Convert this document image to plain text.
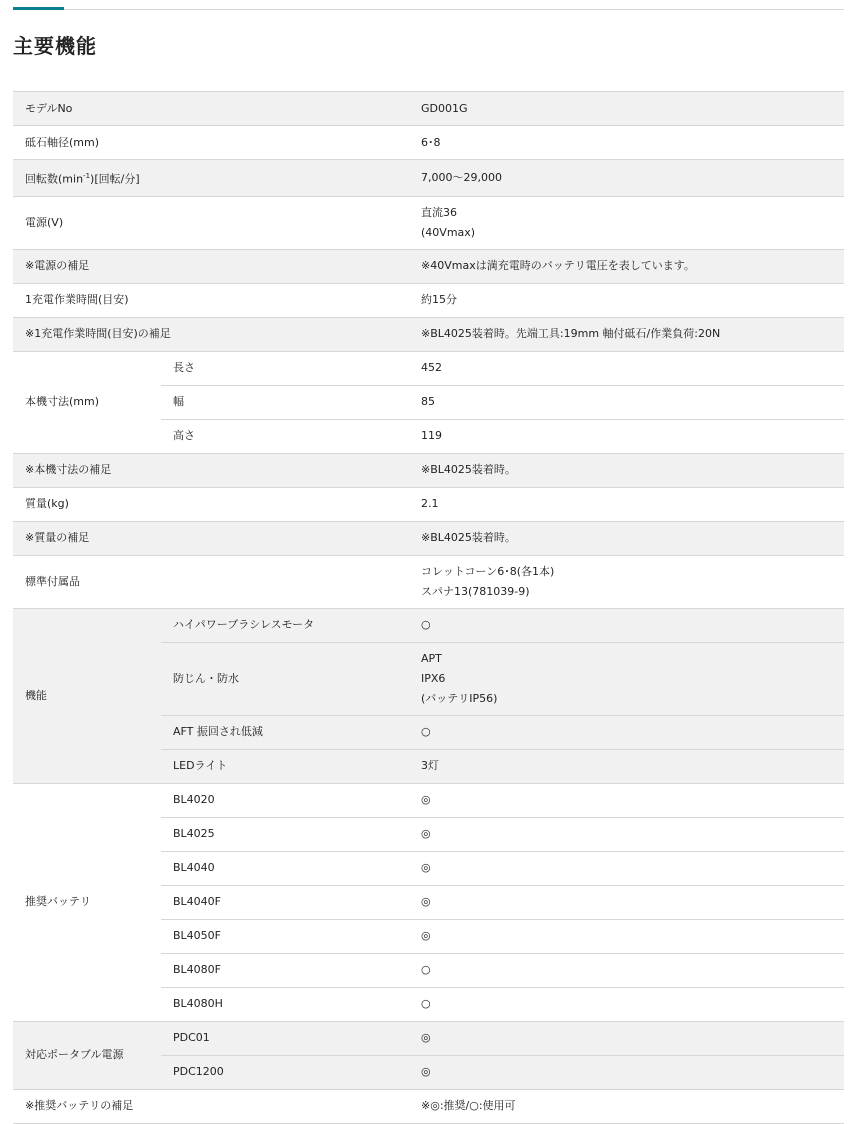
主要機能
モデルNo		GD001G
砥石軸径(mm)		6･8
回転数$(\min^{-1})$[回転/分]		7,000〜29,000
電源(V)		直流36
(40Vmax)

※電源の補足		※40Vmaxは満充電時のバッテリ電圧を表しています。
1充電作業時間(目安)		約15分
※1充電作業時間(目安)の補足		※BL4025装着時。先端工具:19mm 軸付砥石/作業負荷:20N
本機寸法(mm)	長さ	452
	幅	85
	高さ	119
※本機寸法の補足		※BL4025装着時。
質量(kg)		2.1
※質量の補足		※BL4025装着時。
標準付属品		コレットコーン6･8(各1本)
スパナ13(781039-9)

機能	ハイパワーブラシレスモータ	○
	防じん・防水	APT
IPX6
(バッテリIP56)

	AFT 振回され低減	○
	LEDライト	3灯
推奨バッテリ	BL4020	◎
	BL4025	◎
	BL4040	◎
	BL4040F	◎
	BL4050F	◎
	BL4080F	○
	BL4080H	○
対応ポータブル電源	PDC01	◎
	PDC1200	◎
※推奨バッテリの補足		※◎:推奨/○:使用可
